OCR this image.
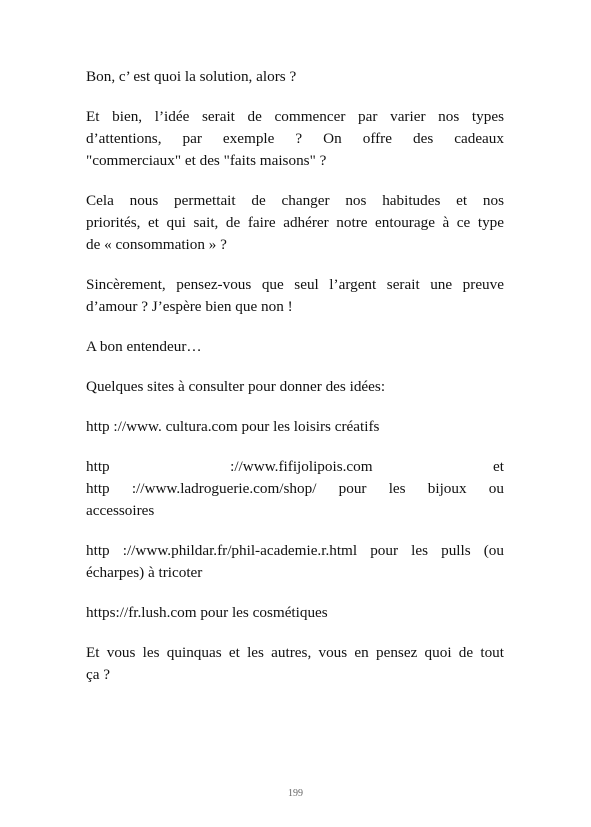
Bon, c’ est quoi la solution, alors ?

Et bien, l’idée serait de commencer par varier nos types
d’attentions, par exemple ? On offre des cadeaux
"commerciaux" et des "faits maisons" ?

Cela nous permettait de changer nos habitudes et nos
priorités, et qui sait, de faire adhérer notre entourage à ce type
de « consommation » ?

Sincèrement, pensez-vous que seul l’argent serait une preuve
d’amour ? J’espère bien que non !

A bon entendeur…

Quelques sites à consulter pour donner des idées:

http ://www. cultura.com pour les loisirs créatifs

http ://www.fifijolipois.com et
http ://www.ladroguerie.com/shop/ pour les bijoux ou
accessoires

http ://www.phildar.fr/phil-academie.r.html pour les pulls (ou
écharpes) à tricoter

https://fr.lush.com pour les cosmétiques

Et vous les quinquas et les autres, vous en pensez quoi de tout
ça ?

199
